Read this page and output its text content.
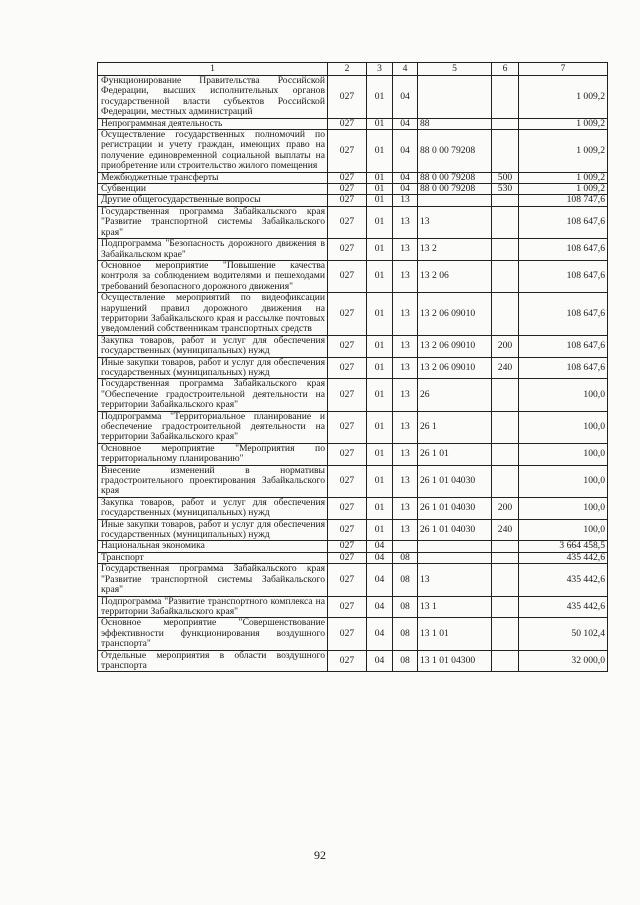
1	2	3	4	5	6	7
Функционирование Правительства Российской Федерации, высших исполнительных органов государственной власти субъектов Российской Федерации, местных администраций	027	01	04			1 009,2
Непрограммная деятельность	027	01	04	88		1 009,2
Осуществление государственных полномочий по регистрации и учету граждан, имеющих право на получение единовременной социальной выплаты на приобретение или строительство жилого помещения	027	01	04	88 0 00 79208		1 009,2
Межбюджетные трансферты	027	01	04	88 0 00 79208	500	1 009,2
Субвенции	027	01	04	88 0 00 79208	530	1 009,2
Другие общегосударственные вопросы	027	01	13			108 747,6
Государственная программа Забайкальского края "Развитие транспортной системы Забайкальского края"	027	01	13	13		108 647,6
Подпрограмма "Безопасность дорожного движения в Забайкальском крае"	027	01	13	13 2		108 647,6
Основное мероприятие "Повышение качества контроля за соблюдением водителями и пешеходами требований безопасного дорожного движения"	027	01	13	13 2 06		108 647,6
Осуществление мероприятий по видеофиксации нарушений правил дорожного движения на территории Забайкальского края и рассылке почтовых уведомлений собственникам транспортных средств	027	01	13	13 2 06 09010		108 647,6
Закупка товаров, работ и услуг для обеспечения государственных (муниципальных) нужд	027	01	13	13 2 06 09010	200	108 647,6
Иные закупки товаров, работ и услуг для обеспечения государственных (муниципальных) нужд	027	01	13	13 2 06 09010	240	108 647,6
Государственная программа Забайкальского края "Обеспечение градостроительной деятельности на территории Забайкальского края"	027	01	13	26		100,0
Подпрограмма "Территориальное планирование и обеспечение градостроительной деятельности на территории Забайкальского края"	027	01	13	26 1		100,0
Основное мероприятие "Мероприятия по территориальному планированию"	027	01	13	26 1 01		100,0
Внесение изменений в нормативы градостроительного проектирования Забайкальского края	027	01	13	26 1 01 04030		100,0
Закупка товаров, работ и услуг для обеспечения государственных (муниципальных) нужд	027	01	13	26 1 01 04030	200	100,0
Иные закупки товаров, работ и услуг для обеспечения государственных (муниципальных) нужд	027	01	13	26 1 01 04030	240	100,0
Национальная экономика	027	04				3 664 458,5
Транспорт	027	04	08			435 442,6
Государственная программа Забайкальского края "Развитие транспортной системы Забайкальского края"	027	04	08	13		435 442,6
Подпрограмма "Развитие транспортного комплекса на территории Забайкальского края"	027	04	08	13 1		435 442,6
Основное мероприятие "Совершенствование эффективности функционирования воздушного транспорта"	027	04	08	13 1 01		50 102,4
Отдельные мероприятия в области воздушного транспорта	027	04	08	13 1 01 04300		32 000,0
92
